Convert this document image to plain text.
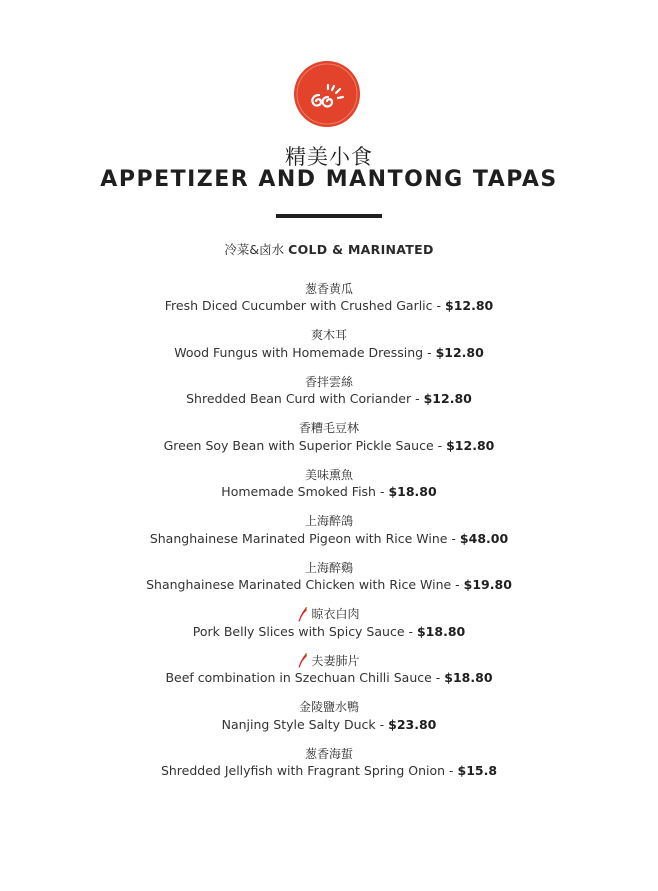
精美小食
APPETIZER AND MANTONG TAPAS
冷菜&卤水 COLD & MARINATED
葱香黄瓜
Fresh Diced Cucumber with Crushed Garlic - $12.80
爽木耳
Wood Fungus with Homemade Dressing - $12.80
香拌雲絲
Shredded Bean Curd with Coriander - $12.80
香糟毛豆林
Green Soy Bean with Superior Pickle Sauce - $12.80
美味熏魚
Homemade Smoked Fish - $18.80
上海醉鴿
Shanghainese Marinated Pigeon with Rice Wine - $48.00
上海醉鷄
Shanghainese Marinated Chicken with Rice Wine - $19.80
晾衣白肉
Pork Belly Slices with Spicy Sauce - $18.80
夫妻肺片
Beef combination in Szechuan Chilli Sauce - $18.80
金陵鹽水鴨
Nanjing Style Salty Duck - $23.80
葱香海蜇
Shredded Jellyfish with Fragrant Spring Onion - $15.8
